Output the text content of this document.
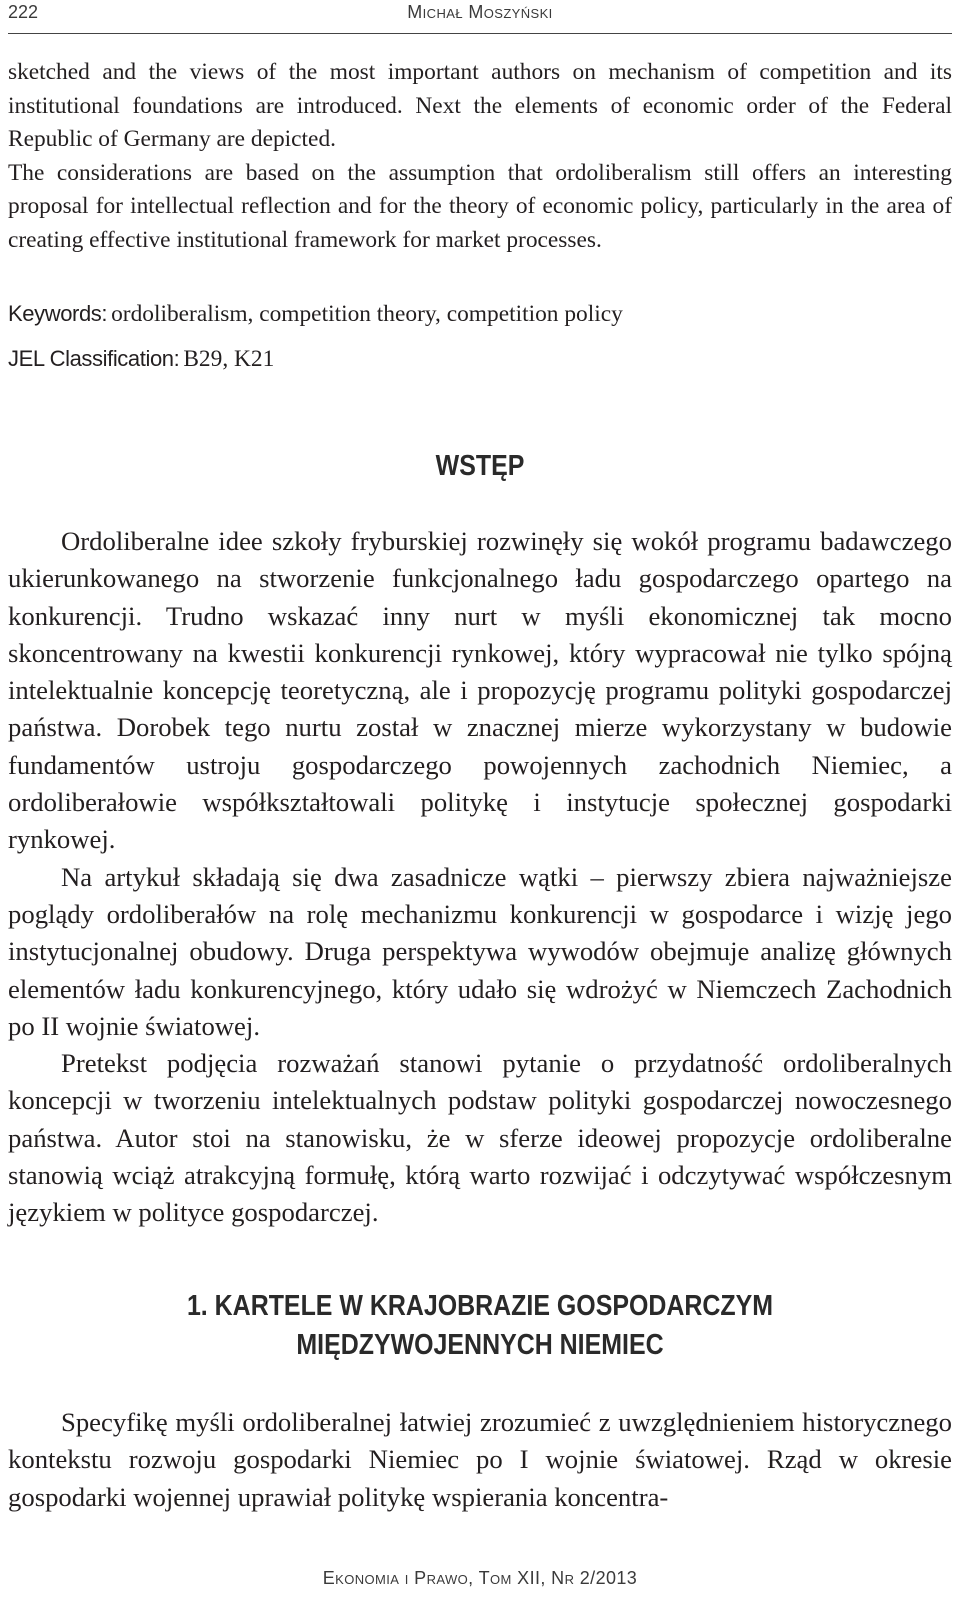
222	Michał Moszyński

sketched and the views of the most important authors on mechanism of competition and its institutional foundations are introduced. Next the elements of economic order of the Federal Republic of Germany are depicted.

The considerations are based on the assumption that ordoliberalism still offers an interesting proposal for intellectual reflection and for the theory of economic policy, particularly in the area of creating effective institutional framework for market processes.

Keywords: ordoliberalism, competition theory, competition policy
JEL Classification: B29, K21
WSTĘP

Ordoliberalne idee szkoły fryburskiej rozwinęły się wokół programu badawczego ukierunkowanego na stworzenie funkcjonalnego ładu gospodarczego opartego na konkurencji. Trudno wskazać inny nurt w myśli ekonomicznej tak mocno skoncentrowany na kwestii konkurencji rynkowej, który wypracował nie tylko spójną intelektualnie koncepcję teoretyczną, ale i propozycję programu polityki gospodarczej państwa. Dorobek tego nurtu został w znacznej mierze wykorzystany w budowie fundamentów ustroju gospodarczego powojennych zachodnich Niemiec, a ordoliberałowie współkształtowali politykę i instytucje społecznej gospodarki rynkowej.

Na artykuł składają się dwa zasadnicze wątki – pierwszy zbiera najważniejsze poglądy ordoliberałów na rolę mechanizmu konkurencji w gospodarce i wizję jego instytucjonalnej obudowy. Druga perspektywa wywodów obejmuje analizę głównych elementów ładu konkurencyjnego, który udało się wdrożyć w Niemczech Zachodnich po II wojnie światowej.

Pretekst podjęcia rozważań stanowi pytanie o przydatność ordoliberalnych koncepcji w tworzeniu intelektualnych podstaw polityki gospodarczej nowoczesnego państwa. Autor stoi na stanowisku, że w sferze ideowej propozycje ordoliberalne stanowią wciąż atrakcyjną formułę, którą warto rozwijać i odczytywać współczesnym językiem w polityce gospodarczej.

1. KARTELE W KRAJOBRAZIE GOSPODARCZYM
MIĘDZYWOJENNYCH NIEMIEC

Specyfikę myśli ordoliberalnej łatwiej zrozumieć z uwzględnieniem historycznego kontekstu rozwoju gospodarki Niemiec po I wojnie światowej. Rząd w okresie gospodarki wojennej uprawiał politykę wspierania koncentra-

Ekonomia i Prawo, Tom XII, Nr 2/2013
